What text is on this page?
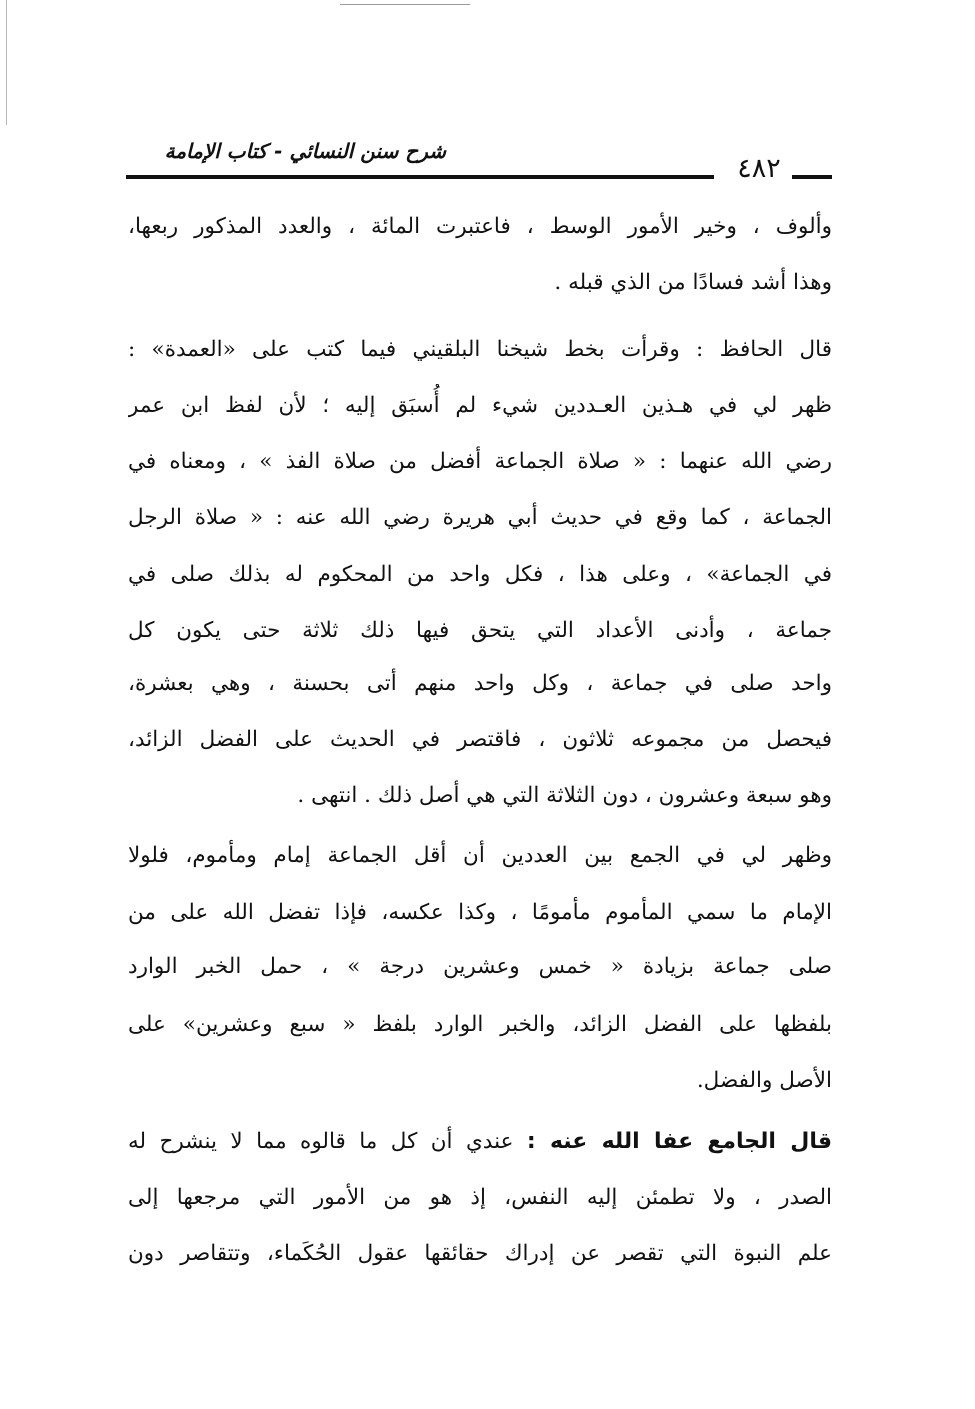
شرح سنن النسائي - كتاب الإمامة
٤٨٢
وألوف ، وخير الأمور الوسط ، فاعتبرت المائة ، والعدد المذكور ربعها،
وهذا أشد فسادًا من الذي قبله .
قال الحافظ : وقرأت بخط شيخنا البلقيني فيما كتب على «العمدة» :
ظهر لي في هـذين العـددين شيء لم أُسبَق إليه ؛ لأن لفظ ابن عمر
رضي الله عنهما : « صلاة الجماعة أفضل من صلاة الفذ » ، ومعناه في
الجماعة ، كما وقع في حديث أبي هريرة رضي الله عنه : « صلاة الرجل
في الجماعة» ، وعلى هذا ، فكل واحد من المحكوم له بذلك صلى في
جماعة ، وأدنى الأعداد التي يتحق فيها ذلك ثلاثة حتى يكون كل
واحد صلى في جماعة ، وكل واحد منهم أتى بحسنة ، وهي بعشرة،
فيحصل من مجموعه ثلاثون ، فاقتصر في الحديث على الفضل الزائد،
وهو سبعة وعشرون ، دون الثلاثة التي هي أصل ذلك . انتهى .
وظهر لي في الجمع بين العددين أن أقل الجماعة إمام ومأموم، فلولا
الإمام ما سمي المأموم مأمومًا ، وكذا عكسه، فإذا تفضل الله على من
صلى جماعة بزيادة « خمس وعشرين درجة » ، حمل الخبر الوارد
بلفظها على الفضل الزائد، والخبر الوارد بلفظ « سبع وعشرين» على
الأصل والفضل.
قال الجامع عفا الله عنه : عندي أن كل ما قالوه مما لا ينشرح له
الصدر ، ولا تطمئن إليه النفس، إذ هو من الأمور التي مرجعها إلى
علم النبوة التي تقصر عن إدراك حقائقها عقول الحُكَماء، وتتقاصر دون
